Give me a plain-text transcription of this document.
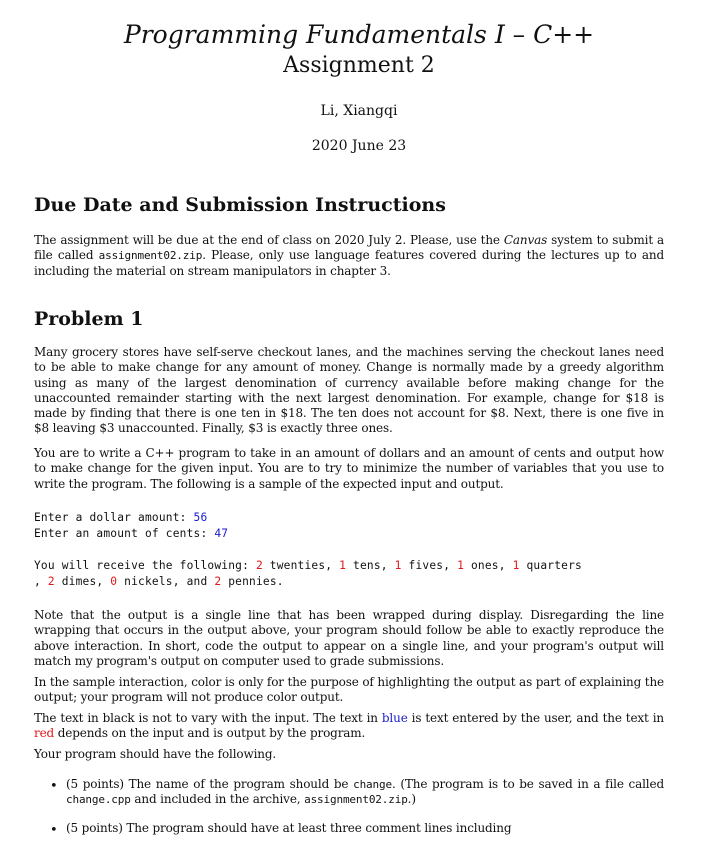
Programming Fundamentals I – C++
Assignment 2
Li, Xiangqi
2020 June 23
Due Date and Submission Instructions

The assignment will be due at the end of class on 2020 July 2. Please, use the Canvas system to submit a file called assignment02.zip. Please, only use language features covered during the lectures up to and including the material on stream manipulators in chapter 3.

Problem 1

Many grocery stores have self-serve checkout lanes, and the machines serving the checkout lanes need to be able to make change for any amount of money. Change is normally made by a greedy algorithm using as many of the largest denomination of currency available before making change for the unaccounted remainder starting with the next largest denomination. For example, change for $18 is made by finding that there is one ten in $18. The ten does not account for $8. Next, there is one five in $8 leaving $3 unaccounted. Finally, $3 is exactly three ones.

You are to write a C++ program to take in an amount of dollars and an amount of cents and output how to make change for the given input. You are to try to minimize the number of variables that you use to write the program. The following is a sample of the expected input and output.

Enter a dollar amount: 56
Enter an amount of cents: 47
You will receive the following: 2 twenties, 1 tens, 1 fives, 1 ones, 1 quarters
, 2 dimes, 0 nickels, and 2 pennies.

Note that the output is a single line that has been wrapped during display. Disregarding the line wrapping that occurs in the output above, your program should follow be able to exactly reproduce the above interaction. In short, code the output to appear on a single line, and your program's output will match my program's output on computer used to grade submissions.

In the sample interaction, color is only for the purpose of highlighting the output as part of explaining the output; your program will not produce color output.

The text in black is not to vary with the input. The text in blue is text entered by the user, and the text in red depends on the input and is output by the program.

Your program should have the following.

• (5 points) The name of the program should be change. (The program is to be saved in a file called change.cpp and included in the archive, assignment02.zip.)

• (5 points) The program should have at least three comment lines including
